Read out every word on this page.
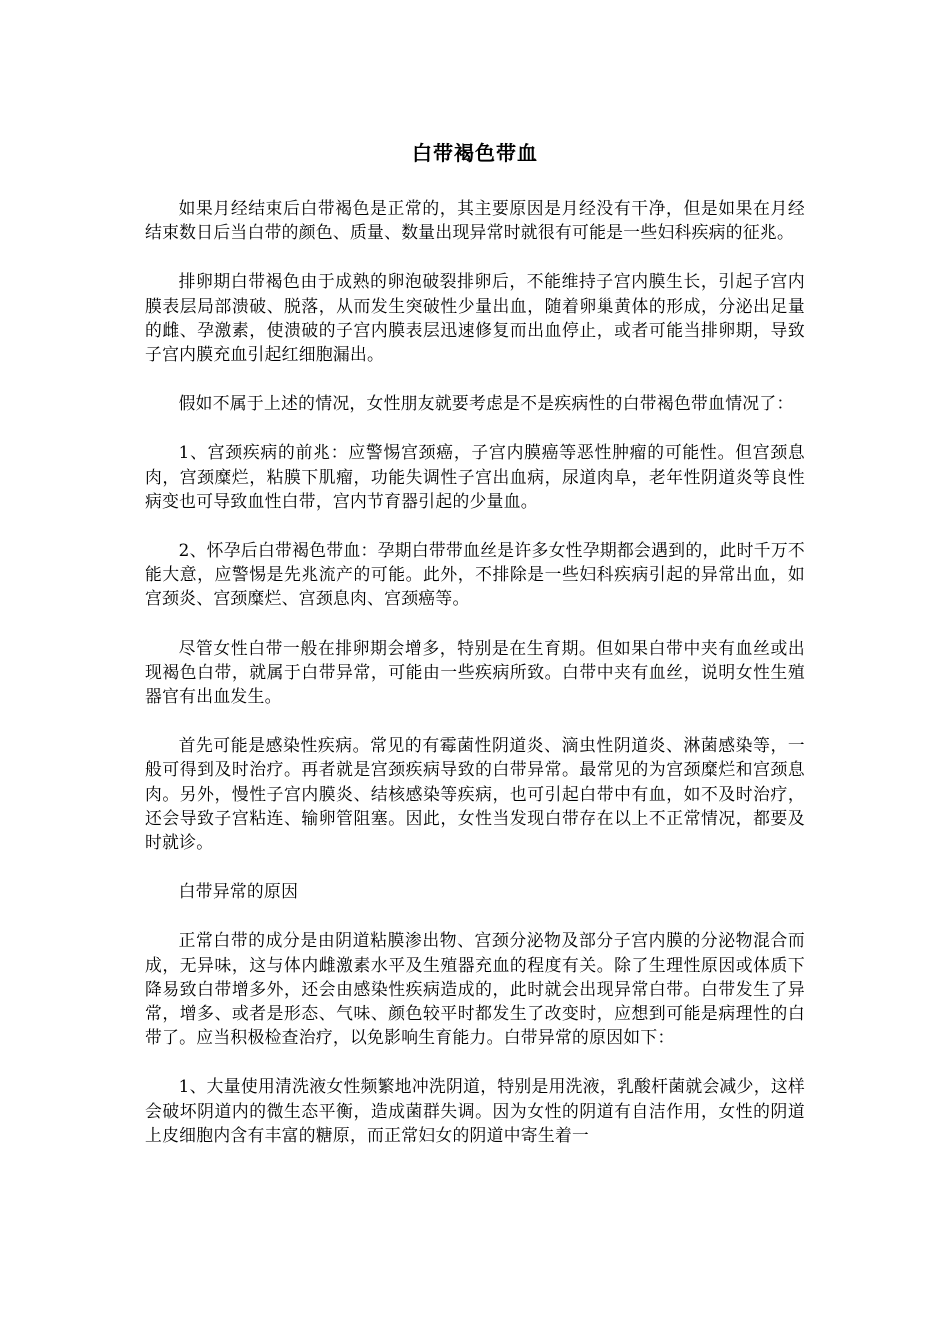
白带褐色带血

如果月经结束后白带褐色是正常的，其主要原因是月经没有干净，但是如果在月经结束数日后当白带的颜色、质量、数量出现异常时就很有可能是一些妇科疾病的征兆。

排卵期白带褐色由于成熟的卵泡破裂排卵后，不能维持子宫内膜生长，引起子宫内膜表层局部溃破、脱落，从而发生突破性少量出血，随着卵巢黄体的形成，分泌出足量的雌、孕激素，使溃破的子宫内膜表层迅速修复而出血停止，或者可能当排卵期，导致子宫内膜充血引起红细胞漏出。

假如不属于上述的情况，女性朋友就要考虑是不是疾病性的白带褐色带血情况了：

1、宫颈疾病的前兆：应警惕宫颈癌，子宫内膜癌等恶性肿瘤的可能性。但宫颈息肉，宫颈糜烂，粘膜下肌瘤，功能失调性子宫出血病，尿道肉阜，老年性阴道炎等良性病变也可导致血性白带，宫内节育器引起的少量血。

2、怀孕后白带褐色带血：孕期白带带血丝是许多女性孕期都会遇到的，此时千万不能大意，应警惕是先兆流产的可能。此外，不排除是一些妇科疾病引起的异常出血，如宫颈炎、宫颈糜烂、宫颈息肉、宫颈癌等。

尽管女性白带一般在排卵期会增多，特别是在生育期。但如果白带中夹有血丝或出现褐色白带，就属于白带异常，可能由一些疾病所致。白带中夹有血丝，说明女性生殖器官有出血发生。

首先可能是感染性疾病。常见的有霉菌性阴道炎、滴虫性阴道炎、淋菌感染等，一般可得到及时治疗。再者就是宫颈疾病导致的白带异常。最常见的为宫颈糜烂和宫颈息肉。另外，慢性子宫内膜炎、结核感染等疾病，也可引起白带中有血，如不及时治疗，还会导致子宫粘连、输卵管阻塞。因此，女性当发现白带存在以上不正常情况，都要及时就诊。

白带异常的原因

正常白带的成分是由阴道粘膜渗出物、宫颈分泌物及部分子宫内膜的分泌物混合而成，无异味，这与体内雌激素水平及生殖器充血的程度有关。除了生理性原因或体质下降易致白带增多外，还会由感染性疾病造成的，此时就会出现异常白带。白带发生了异常，增多、或者是形态、气味、颜色较平时都发生了改变时，应想到可能是病理性的白带了。应当积极检查治疗，以免影响生育能力。白带异常的原因如下：

1、大量使用清洗液女性频繁地冲洗阴道，特别是用洗液，乳酸杆菌就会减少，这样会破坏阴道内的微生态平衡，造成菌群失调。因为女性的阴道有自洁作用，女性的阴道上皮细胞内含有丰富的糖原，而正常妇女的阴道中寄生着一
